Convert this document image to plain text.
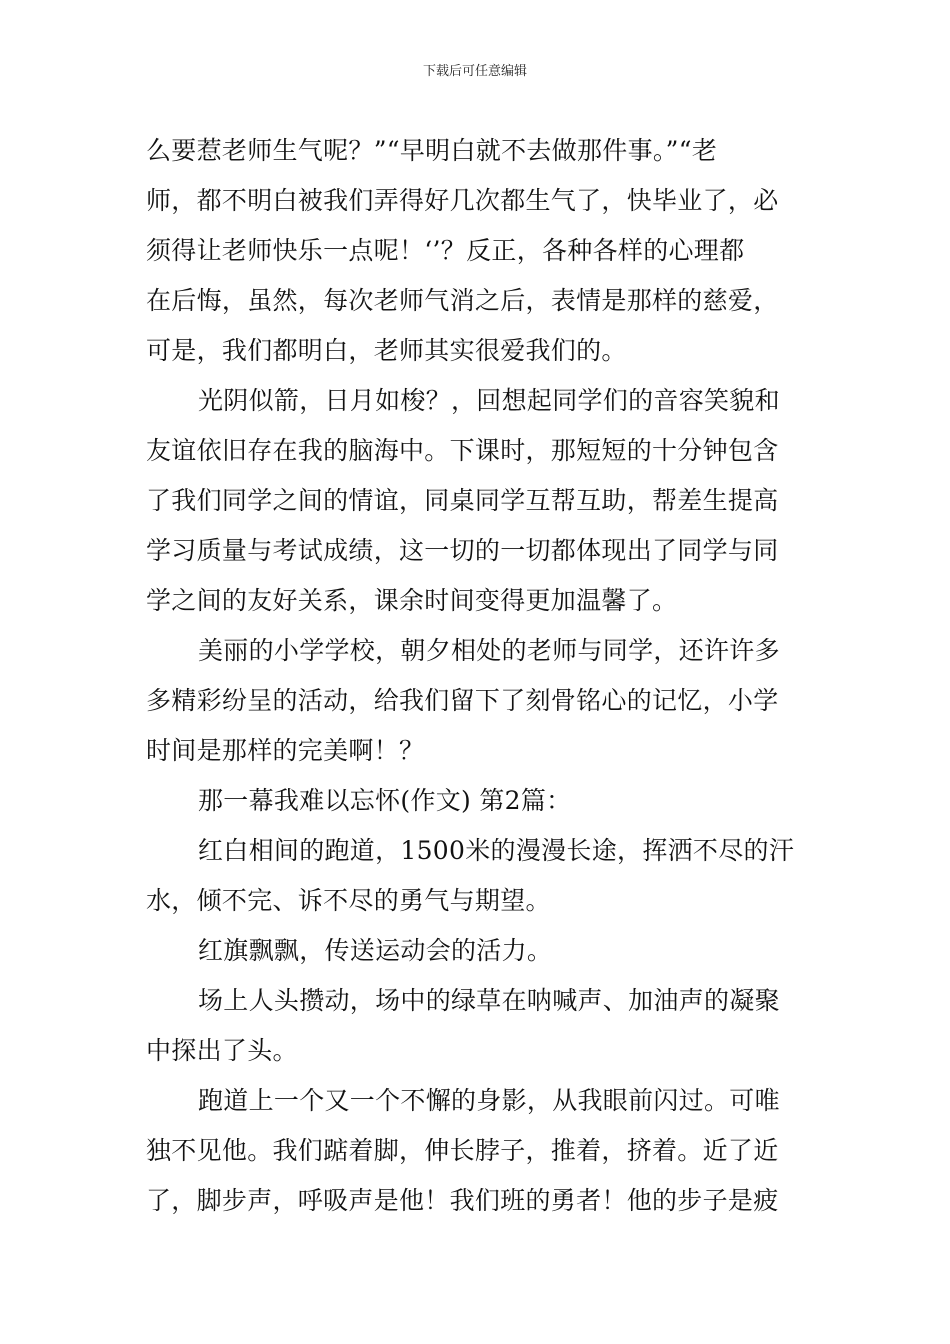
下载后可任意编辑
么要惹老师生气呢？”“早明白就不去做那件事。”“老
师，都不明白被我们弄得好几次都生气了，快毕业了，必
须得让老师快乐一点呢！‘’？反正，各种各样的心理都
在后悔，虽然，每次老师气消之后，表情是那样的慈爱，
可是，我们都明白，老师其实很爱我们的。
光阴似箭，日月如梭？，回想起同学们的音容笑貌和
友谊依旧存在我的脑海中。下课时，那短短的十分钟包含
了我们同学之间的情谊，同桌同学互帮互助，帮差生提高
学习质量与考试成绩，这一切的一切都体现出了同学与同
学之间的友好关系，课余时间变得更加温馨了。
美丽的小学学校，朝夕相处的老师与同学，还许许多
多精彩纷呈的活动，给我们留下了刻骨铭心的记忆，小学
时间是那样的完美啊！？
那一幕我难以忘怀(作文) 第2篇：
红白相间的跑道，1500米的漫漫长途，挥洒不尽的汗
水，倾不完、诉不尽的勇气与期望。
红旗飘飘，传送运动会的活力。
场上人头攒动，场中的绿草在呐喊声、加油声的凝聚
中探出了头。
跑道上一个又一个不懈的身影，从我眼前闪过。可唯
独不见他。我们踮着脚，伸长脖子，推着，挤着。近了近
了，脚步声，呼吸声是他！我们班的勇者！他的步子是疲
